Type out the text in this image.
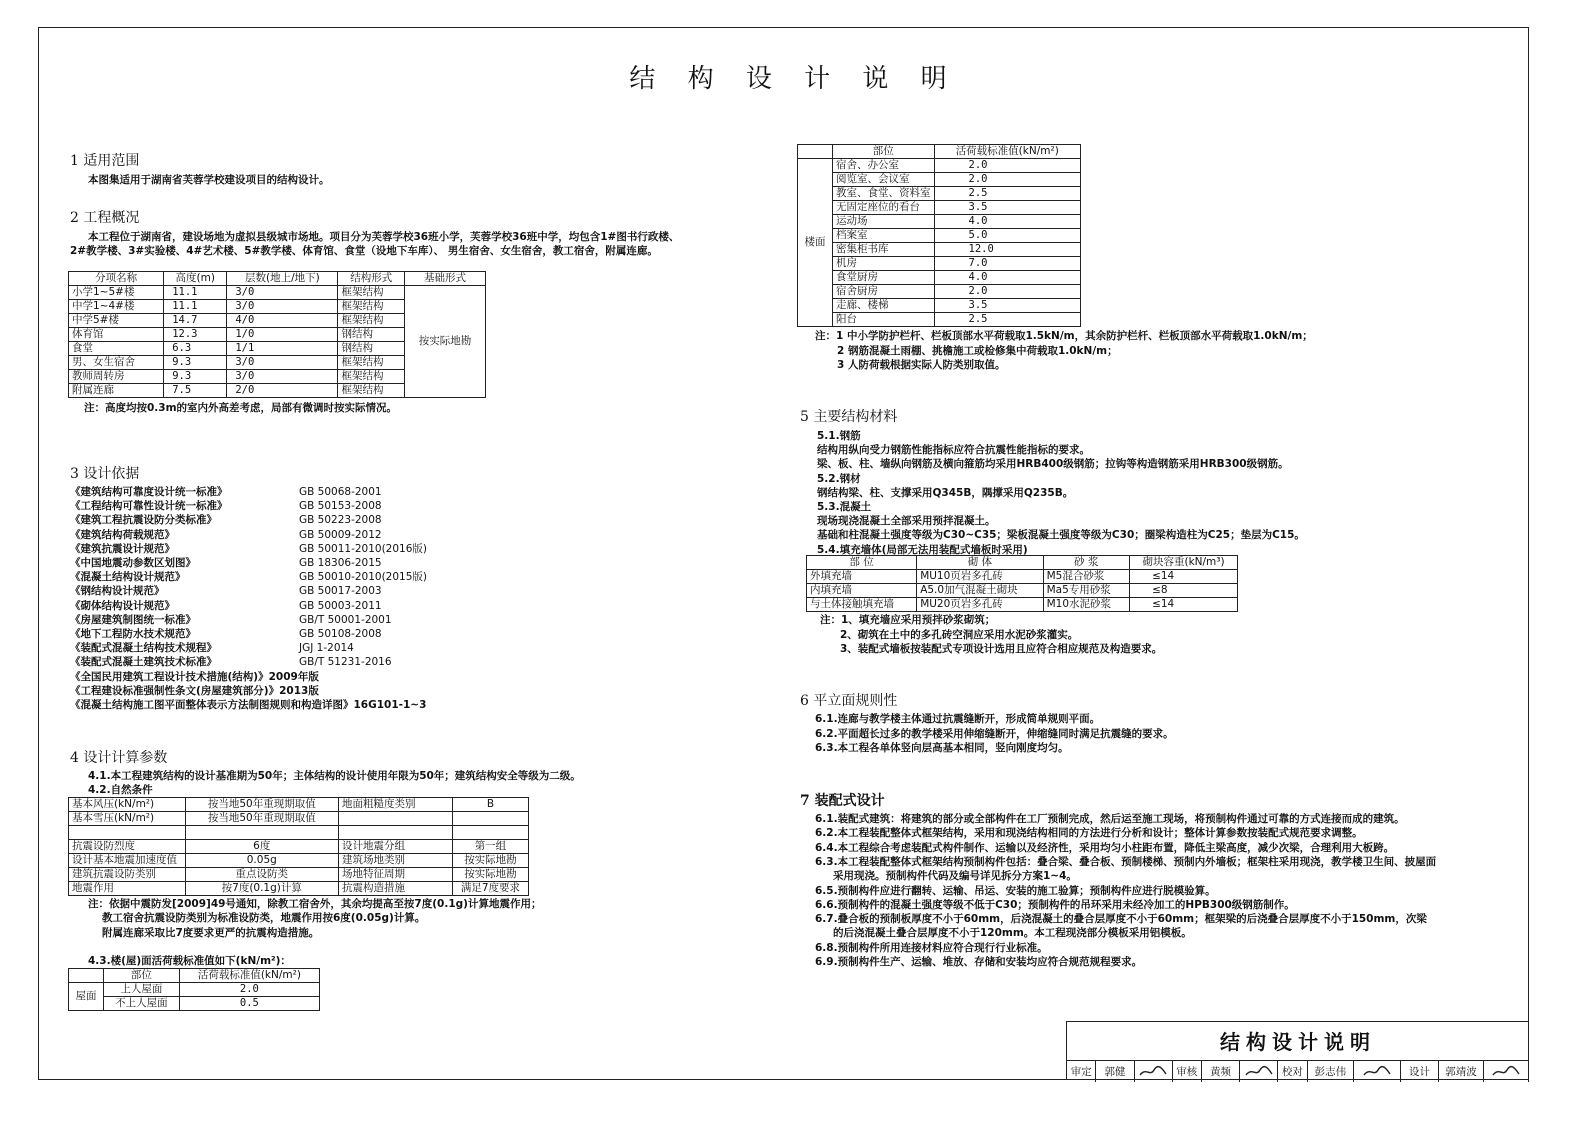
结 构 设 计 说 明
1 适用范围
本图集适用于湖南省芙蓉学校建设项目的结构设计。
2 工程概况
本工程位于湖南省，建设场地为虚拟县级城市场地。项目分为芙蓉学校36班小学，芙蓉学校36班中学，均包含1#图书行政楼、
2#教学楼、3#实验楼、4#艺术楼、5#教学楼、体育馆、食堂（设地下车库）、 男生宿舍、女生宿舍，教工宿舍，附属连廊。
分项名称	高度(m)	层数(地上/地下)	结构形式	基础形式
小学1~5#楼	11.1	3/0	框架结构	按实际地勘
中学1~4#楼	11.1	3/0	框架结构	
中学5#楼	14.7	4/0	框架结构	
体育馆	12.3	1/0	钢结构	
食堂	6.3	1/1	钢结构	
男、女生宿舍	9.3	3/0	框架结构	
教师周转房	9.3	3/0	框架结构	
附属连廊	7.5	2/0	框架结构	
注：高度均按0.3m的室内外高差考虑，局部有微调时按实际情况。
3 设计依据
《建筑结构可靠度设计统一标准》	GB 50068-2001
《工程结构可靠性设计统一标准》	GB 50153-2008
《建筑工程抗震设防分类标准》	GB 50223-2008
《建筑结构荷载规范》	GB 50009-2012
《建筑抗震设计规范》	GB 50011-2010(2016版)
《中国地震动参数区划图》	GB 18306-2015
《混凝土结构设计规范》	GB 50010-2010(2015版)
《钢结构设计规范》	GB 50017-2003
《砌体结构设计规范》	GB 50003-2011
《房屋建筑制图统一标准》	GB/T 50001-2001
《地下工程防水技术规范》	GB 50108-2008
《装配式混凝土结构技术规程》	JGJ 1-2014
《装配式混凝土建筑技术标准》	GB/T 51231-2016
《全国民用建筑工程设计技术措施(结构)》2009年版
《工程建设标准强制性条文(房屋建筑部分)》2013版
《混凝土结构施工图平面整体表示方法制图规则和构造详图》16G101-1~3
4 设计计算参数
4.1.本工程建筑结构的设计基准期为50年；主体结构的设计使用年限为50年；建筑结构安全等级为二级。
4.2.自然条件
基本风压(kN/m²)	按当地50年重现期取值	地面粗糙度类别	B
基本雪压(kN/m²)	按当地50年重现期取值		

抗震设防烈度	6度	设计地震分组	第一组
设计基本地震加速度值	0.05g	建筑场地类别	按实际地勘
建筑抗震设防类别	重点设防类	场地特征周期	按实际地勘
地震作用	按7度(0.1g)计算	抗震构造措施	满足7度要求
注：依据中震防发[2009]49号通知，除教工宿舍外，其余均提高至按7度(0.1g)计算地震作用；
教工宿舍抗震设防类别为标准设防类，地震作用按6度(0.05g)计算。
附属连廊采取比7度要求更严的抗震构造措施。
4.3.楼(屋)面活荷载标准值如下(kN/m²)：
	部位	活荷载标准值(kN/m²)
屋面	上人屋面	2.0
	不上人屋面	0.5
	部位	活荷载标准值(kN/m²)
楼面	宿舍、办公室	2.0
	阅览室、会议室	2.0
	教室、食堂、资料室	2.5
	无固定座位的看台	3.5
	运动场	4.0
	档案室	5.0
	密集柜书库	12.0
	机房	7.0
	食堂厨房	4.0
	宿舍厨房	2.0
	走廊、楼梯	3.5
	阳台	2.5
注：1 中小学防护栏杆、栏板顶部水平荷载取1.5kN/m，其余防护栏杆、栏板顶部水平荷载取1.0kN/m；
2 钢筋混凝土雨棚、挑檐施工或检修集中荷载取1.0kN/m；
3 人防荷载根据实际人防类别取值。
5 主要结构材料
5.1.钢筋
结构用纵向受力钢筋性能指标应符合抗震性能指标的要求。
梁、板、柱、墙纵向钢筋及横向箍筋均采用HRB400级钢筋；拉钩等构造钢筋采用HRB300级钢筋。
5.2.钢材
钢结构梁、柱、支撑采用Q345B，隅撑采用Q235B。
5.3.混凝土
现场现浇混凝土全部采用预拌混凝土。
基础和柱混凝土强度等级为C30~C35；梁板混凝土强度等级为C30；圈梁构造柱为C25；垫层为C15。
5.4.填充墙体(局部无法用装配式墙板时采用)
部 位	砌 体	砂 浆	砌块容重(kN/m³)
外填充墙	MU10页岩多孔砖	M5混合砂浆	≤14
内填充墙	A5.0加气混凝土砌块	Ma5专用砂浆	≤8
与土体接触填充墙	MU20页岩多孔砖	M10水泥砂浆	≤14
注：1、填充墙应采用预拌砂浆砌筑；
2、砌筑在土中的多孔砖空洞应采用水泥砂浆灌实。
3、装配式墙板按装配式专项设计选用且应符合相应规范及构造要求。
6 平立面规则性
6.1.连廊与教学楼主体通过抗震缝断开，形成简单规则平面。
6.2.平面超长过多的教学楼采用伸缩缝断开，伸缩缝同时满足抗震缝的要求。
6.3.本工程各单体竖向层高基本相同，竖向刚度均匀。
7 装配式设计
6.1.装配式建筑：将建筑的部分或全部构件在工厂预制完成，然后运至施工现场，将预制构件通过可靠的方式连接而成的建筑。
6.2.本工程装配整体式框架结构，采用和现浇结构相同的方法进行分析和设计；整体计算参数按装配式规范要求调整。
6.4.本工程综合考虑装配式构件制作、运输以及经济性，采用均匀小柱距布置，降低主梁高度，减少次梁，合理利用大板跨。
6.3.本工程装配整体式框架结构预制构件包括：叠合梁、叠合板、预制楼梯、预制内外墙板；框架柱采用现浇，教学楼卫生间、披屋面
采用现浇。预制构件代码及编号详见拆分方案1~4。
6.5.预制构件应进行翻转、运输、吊运、安装的施工验算；预制构件应进行脱模验算。
6.6.预制构件的混凝土强度等级不低于C30；预制构件的吊环采用未经冷加工的HPB300级钢筋制作。
6.7.叠合板的预制板厚度不小于60mm，后浇混凝土的叠合层厚度不小于60mm；框架梁的后浇叠合层厚度不小于150mm，次梁
的后浇混凝土叠合层厚度不小于120mm。本工程现浇部分模板采用铝模板。
6.8.预制构件所用连接材料应符合现行行业标准。
6.9.预制构件生产、运输、堆放、存储和安装均应符合规范规程要求。
结构设计说明
审定	郭健	审核	黄频	校对	彭志伟	设计	郭靖波
